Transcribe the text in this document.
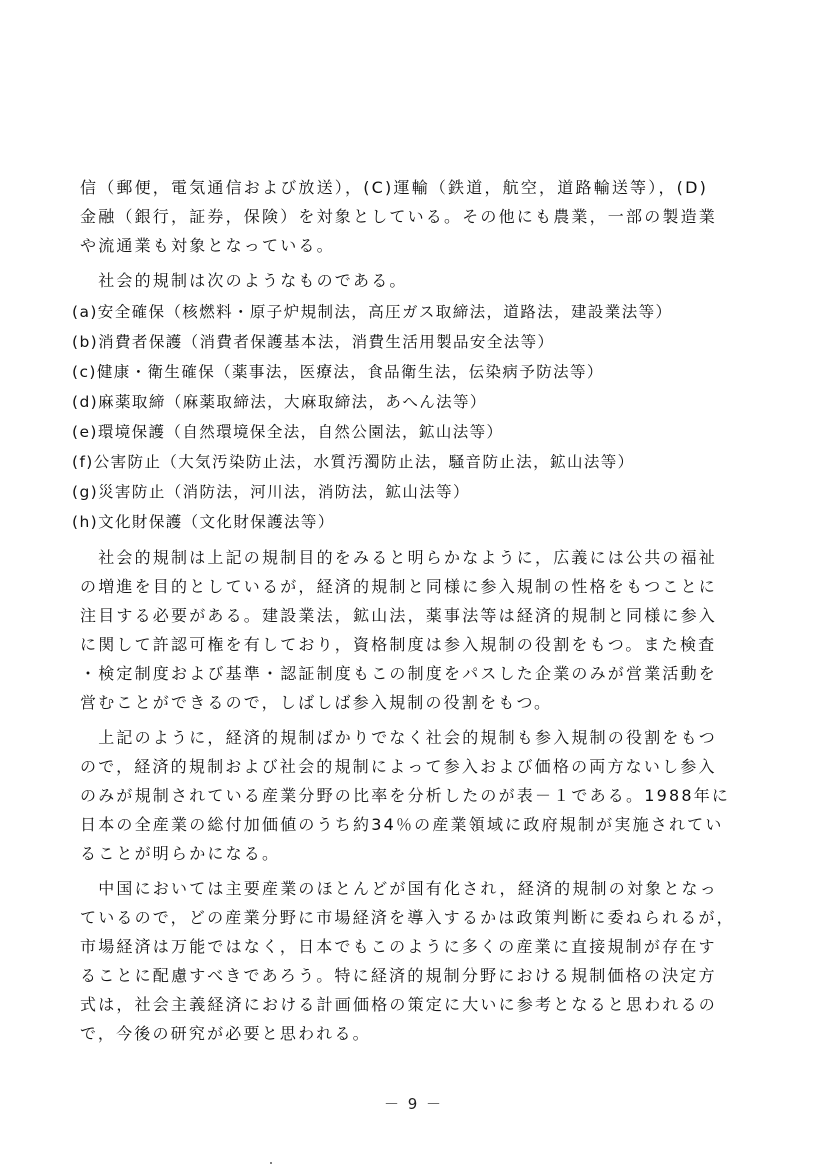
信（郵便，電気通信および放送），(C)運輸（鉄道，航空，道路輸送等），(D)
金融（銀行，証券，保険）を対象としている。その他にも農業，一部の製造業
や流通業も対象となっている。
　社会的規制は次のようなものである。
(a)安全確保（核燃料・原子炉規制法，高圧ガス取締法，道路法，建設業法等）
(b)消費者保護（消費者保護基本法，消費生活用製品安全法等）
(c)健康・衛生確保（薬事法，医療法，食品衛生法，伝染病予防法等）
(d)麻薬取締（麻薬取締法，大麻取締法，あへん法等）
(e)環境保護（自然環境保全法，自然公園法，鉱山法等）
(f)公害防止（大気汚染防止法，水質汚濁防止法，騒音防止法，鉱山法等）
(g)災害防止（消防法，河川法，消防法，鉱山法等）
(h)文化財保護（文化財保護法等）
　社会的規制は上記の規制目的をみると明らかなように，広義には公共の福祉
の増進を目的としているが，経済的規制と同様に参入規制の性格をもつことに
注目する必要がある。建設業法，鉱山法，薬事法等は経済的規制と同様に参入
に関して許認可権を有しており，資格制度は参入規制の役割をもつ。また検査
・検定制度および基準・認証制度もこの制度をパスした企業のみが営業活動を
営むことができるので，しばしば参入規制の役割をもつ。
　上記のように，経済的規制ばかりでなく社会的規制も参入規制の役割をもつ
ので，経済的規制および社会的規制によって参入および価格の両方ないし参入
のみが規制されている産業分野の比率を分析したのが表－１である。1988年に
日本の全産業の総付加価値のうち約34％の産業領域に政府規制が実施されてい
ることが明らかになる。
　中国においては主要産業のほとんどが国有化され，経済的規制の対象となっ
ているので，どの産業分野に市場経済を導入するかは政策判断に委ねられるが，
市場経済は万能ではなく，日本でもこのように多くの産業に直接規制が存在す
ることに配慮すべきであろう。特に経済的規制分野における規制価格の決定方
式は，社会主義経済における計画価格の策定に大いに参考となると思われるの
で，今後の研究が必要と思われる。
－ 9 －
